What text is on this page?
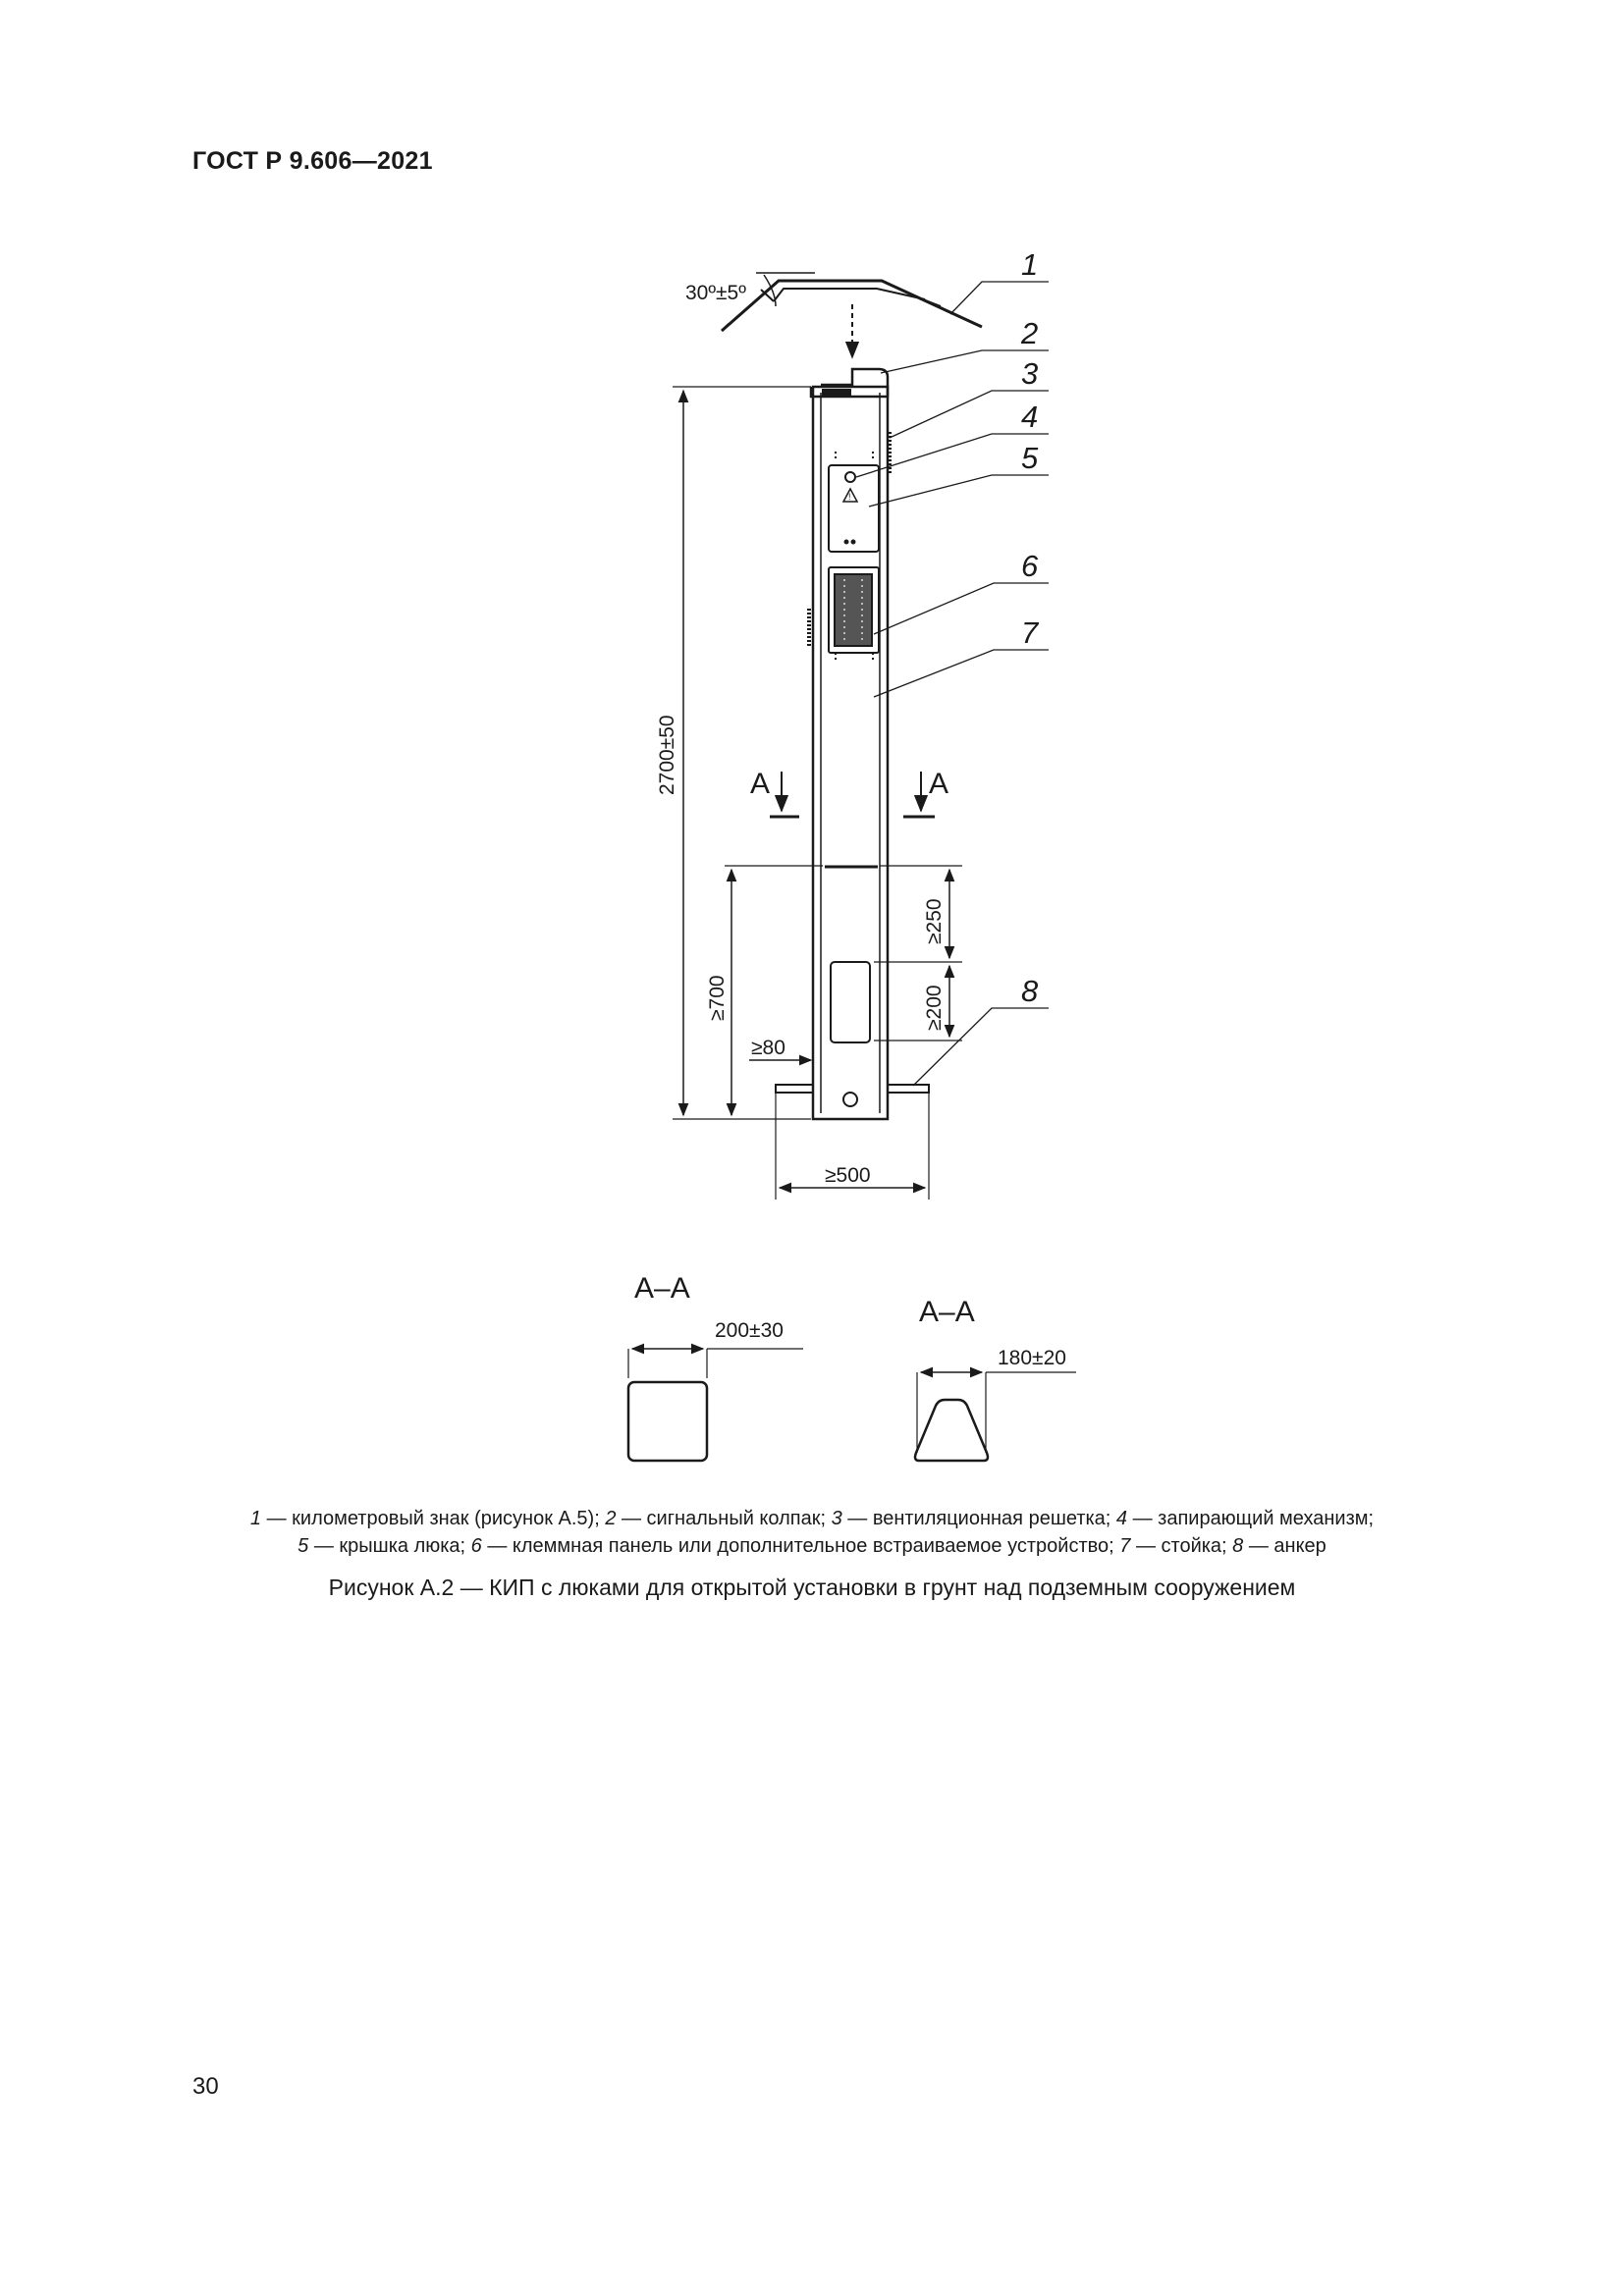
ГОСТ Р 9.606—2021
!
30º±5º
1
2
3
4
5
6
7
8
A	A
2700±50
≥700
≥250
≥200
≥80
≥500
А–А
200±30
А–А
180±20
1 — километровый знак (рисунок А.5); 2 — сигнальный колпак; 3 — вентиляционная решетка; 4 — запирающий механизм;
5 — крышка люка; 6 — клеммная панель или дополнительное встраиваемое устройство; 7 — стойка; 8 — анкер
Рисунок А.2 — КИП с люками для открытой установки в грунт над подземным сооружением
30
